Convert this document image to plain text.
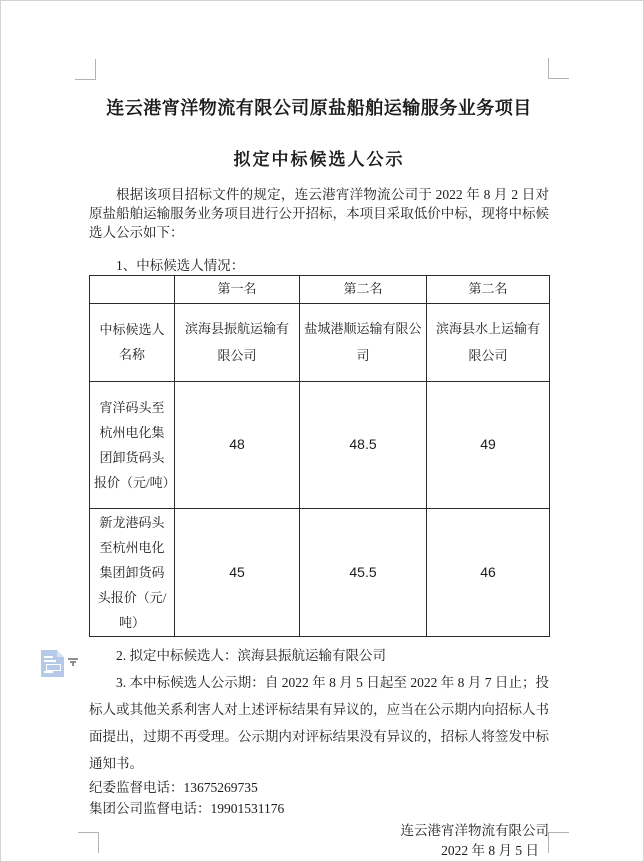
连云港宵洋物流有限公司原盐船舶运输服务业务项目
拟定中标候选人公示

根据该项目招标文件的规定，连云港宵洋物流公司于 2022 年 8 月 2 日对原盐船舶运输服务业务项目进行公开招标，本项目采取低价中标，现将中标候选人公示如下：

1、中标候选人情况：
	第一名	第二名	第二名
中标候选人名称	滨海县振航运输有限公司	盐城港顺运输有限公司	滨海县水上运输有限公司
宵洋码头至杭州电化集团卸货码头报价（元/吨）	48	48.5	49
新龙港码头至杭州电化集团卸货码头报价（元/吨）	45	45.5	46
2. 拟定中标候选人：滨海县振航运输有限公司

3. 本中标候选人公示期：自 2022 年 8 月 5 日起至 2022 年 8 月 7 日止；投标人或其他关系利害人对上述评标结果有异议的，应当在公示期内向招标人书面提出，过期不再受理。公示期内对评标结果没有异议的，招标人将签发中标通知书。

纪委监督电话：13675269735
集团公司监督电话：19901531176
连云港宵洋物流有限公司
2022 年 8 月 5 日
